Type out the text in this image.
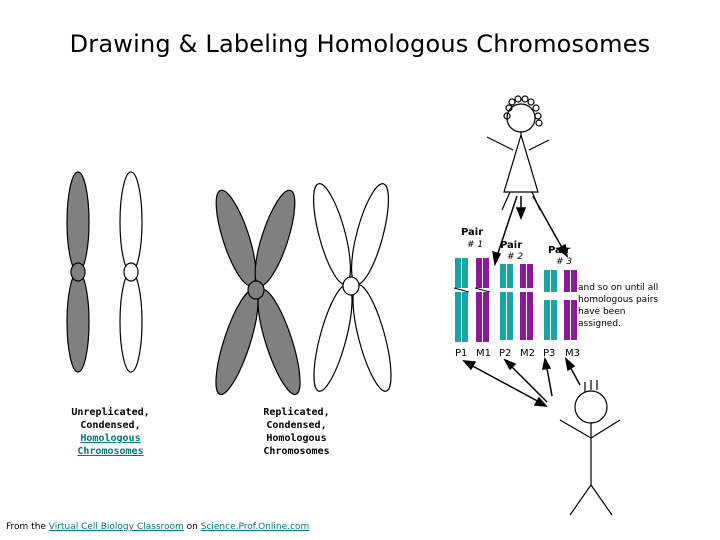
Drawing & Labeling Homologous Chromosomes
Pair
# 1 Pair
# 2
Pair
# 3
P1 M1 P2 M2 P3 M3
and so on until all homologous pairs have been assigned.
Unreplicated,
Condensed,
Homologous
Chromosomes
Replicated,
Condensed,
Homologous
Chromosomes
From the Virtual Cell Biology Classroom on Science.Prof.Online.com
